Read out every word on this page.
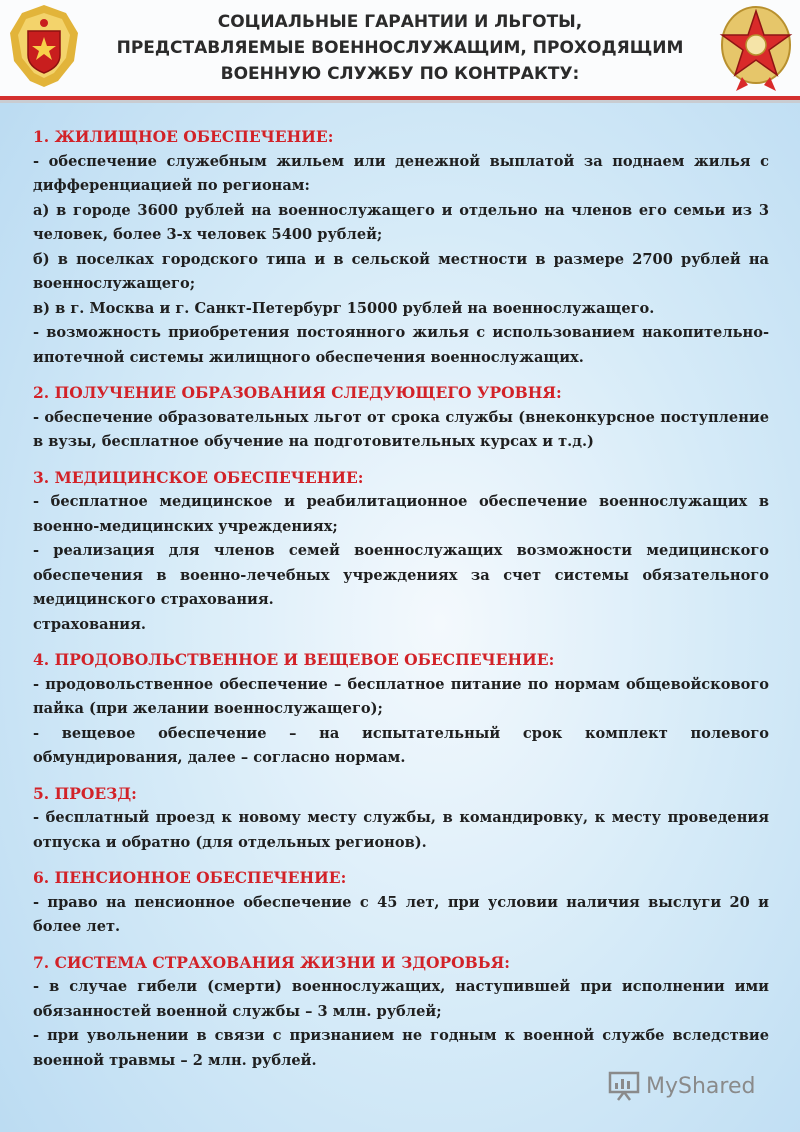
СОЦИАЛЬНЫЕ ГАРАНТИИ И ЛЬГОТЫ,
ПРЕДСТАВЛЯЕМЫЕ ВОЕННОСЛУЖАЩИМ, ПРОХОДЯЩИМ
ВОЕННУЮ СЛУЖБУ ПО КОНТРАКТУ:
1. ЖИЛИЩНОЕ ОБЕСПЕЧЕНИЕ:
- обеспечение служебным жильем или денежной выплатой за поднаем жилья с дифференциацией по регионам:
а) в городе 3600 рублей на военнослужащего и отдельно на членов его семьи из 3 человек, более 3-х человек 5400 рублей;
б) в поселках городского типа и в сельской местности в размере 2700 рублей на военнослужащего;
в) в г. Москва и г. Санкт-Петербург 15000 рублей на военнослужащего.
- возможность приобретения постоянного жилья с использованием накопительно-ипотечной системы жилищного обеспечения военнослужащих.
2. ПОЛУЧЕНИЕ ОБРАЗОВАНИЯ СЛЕДУЮЩЕГО УРОВНЯ:
- обеспечение образовательных льгот от срока службы (внеконкурсное поступление в вузы, бесплатное обучение на подготовительных курсах и т.д.)
3. МЕДИЦИНСКОЕ ОБЕСПЕЧЕНИЕ:
- бесплатное медицинское и реабилитационное обеспечение военнослужащих в военно-медицинских учреждениях;
- реализация для членов семей военнослужащих возможности медицинского обеспечения в военно-лечебных учреждениях за счет системы обязательного медицинского страхования.
страхования.
4. ПРОДОВОЛЬСТВЕННОЕ И ВЕЩЕВОЕ ОБЕСПЕЧЕНИЕ:
- продовольственное обеспечение – бесплатное питание по нормам общевойскового пайка (при желании военнослужащего);
- вещевое обеспечение – на испытательный срок комплект полевого обмундирования, далее – согласно нормам.
5. ПРОЕЗД:
- бесплатный проезд к новому месту службы, в командировку, к месту проведения отпуска и обратно (для отдельных регионов).
6. ПЕНСИОННОЕ ОБЕСПЕЧЕНИЕ:
- право на пенсионное обеспечение с 45 лет, при условии наличия выслуги 20 и более лет.
7. СИСТЕМА СТРАХОВАНИЯ ЖИЗНИ И ЗДОРОВЬЯ:
- в случае гибели (смерти) военнослужащих, наступившей при исполнении ими обязанностей военной службы – 3 млн. рублей;
- при увольнении в связи с признанием не годным к военной службе вследствие военной травмы – 2 млн. рублей.
MyShared
